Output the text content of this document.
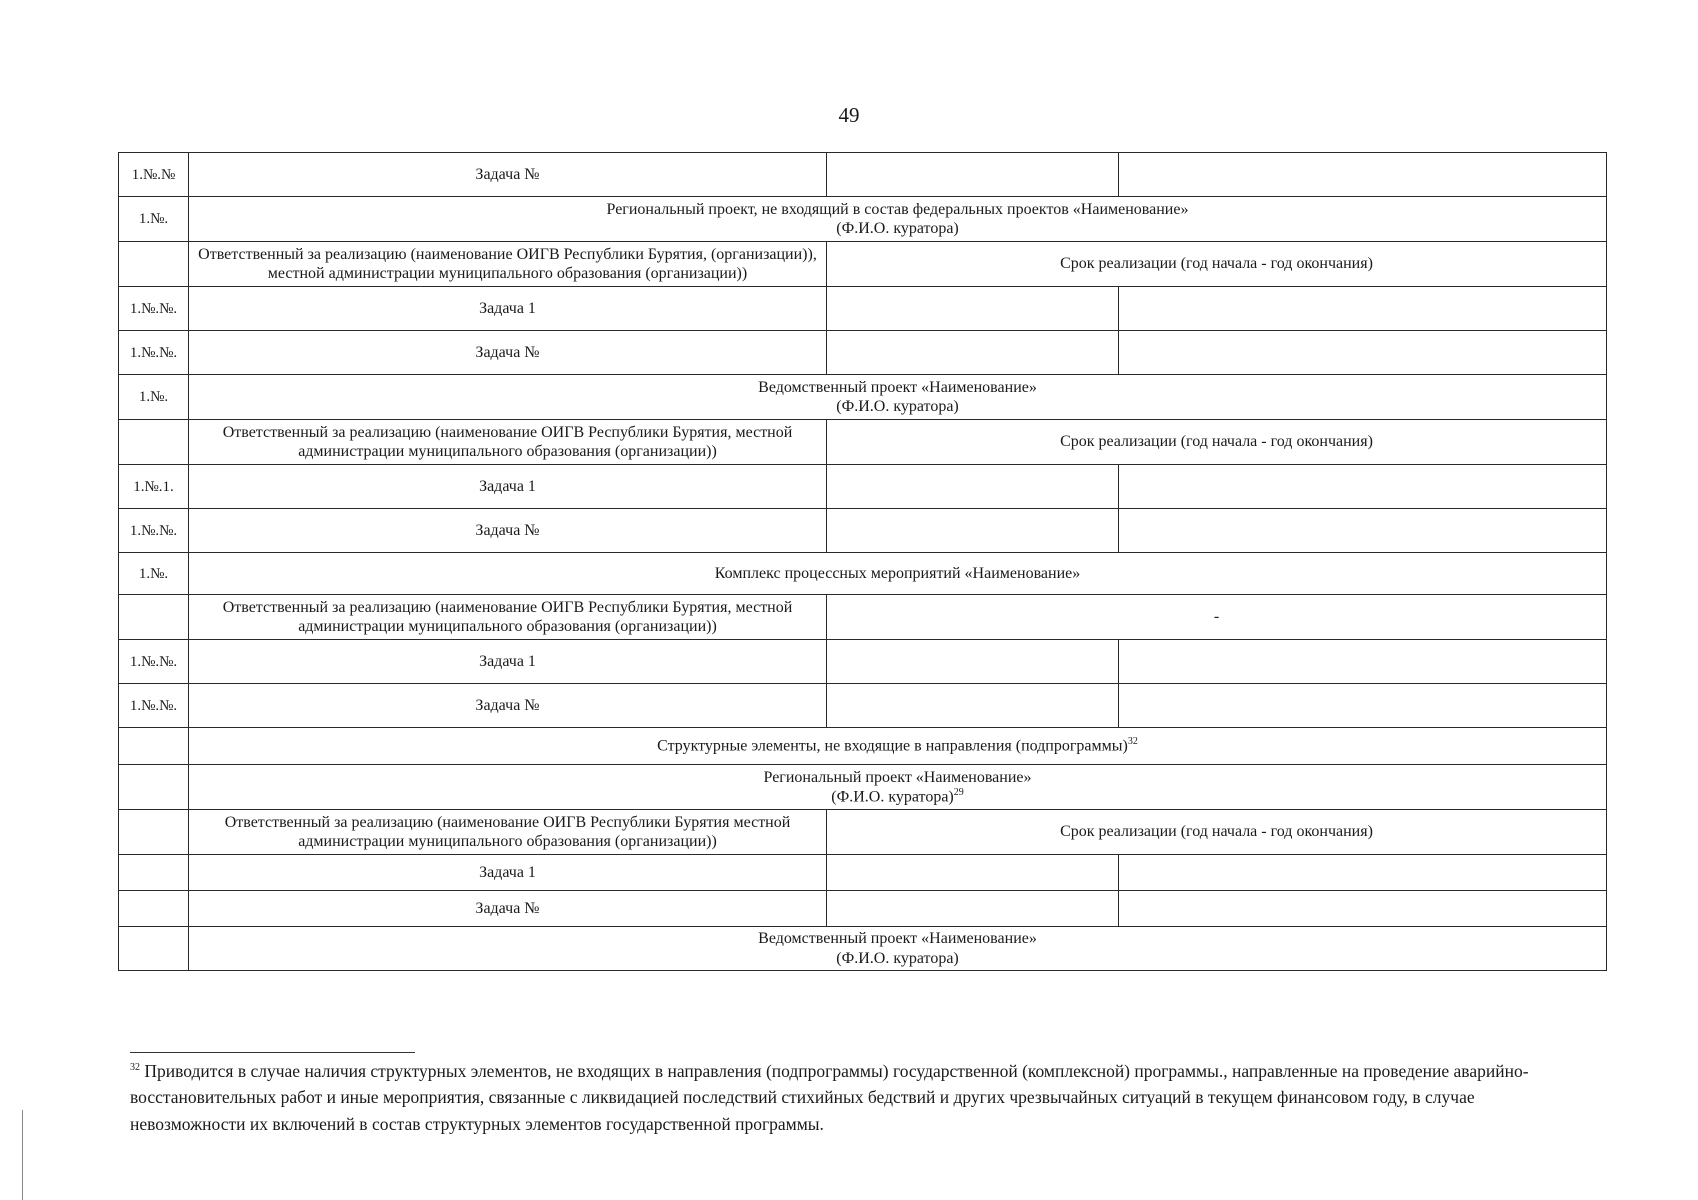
49
1.№.№	Задача №		
1.№.	Региональный проект, не входящий в состав федеральных проектов «Наименование»
(Ф.И.О. куратора)		

	Ответственный за реализацию (наименование ОИГВ Республики Бурятия, (организации)), местной администрации муниципального образования (организации))	Срок реализации (год начала - год окончания)	
1.№.№.	Задача 1		
1.№.№.	Задача №		
1.№.	Ведомственный проект «Наименование»
(Ф.И.О. куратора)		

	Ответственный за реализацию (наименование ОИГВ Республики Бурятия, местной администрации муниципального образования (организации))	Срок реализации (год начала - год окончания)	
1.№.1.	Задача 1		
1.№.№.	Задача №		
1.№.	Комплекс процессных мероприятий «Наименование»		
	Ответственный за реализацию (наименование ОИГВ Республики Бурятия, местной администрации муниципального образования (организации))	-	
1.№.№.	Задача 1		
1.№.№.	Задача №		
	Структурные элементы, не входящие в направления (подпрограммы)$^{32}$

	Региональный проект «Наименование»
(Ф.И.О. куратора)$^{29}$

	Ответственный за реализацию (наименование ОИГВ Республики Бурятия местной администрации муниципального образования (организации))	Срок реализации (год начала - год окончания)	
	Задача 1		
	Задача №		

	Ведомственный проект «Наименование»
(Ф.И.О. куратора)		
$^{32}$ Приводится в случае наличия структурных элементов, не входящих в направления (подпрограммы) государственной (комплексной) программы., направленные на проведение аварийно-восстановительных работ и иные мероприятия, связанные с ликвидацией последствий стихийных бедствий и других чрезвычайных ситуаций в текущем финансовом году, в случае невозможности их включений в состав структурных элементов государственной программы.
